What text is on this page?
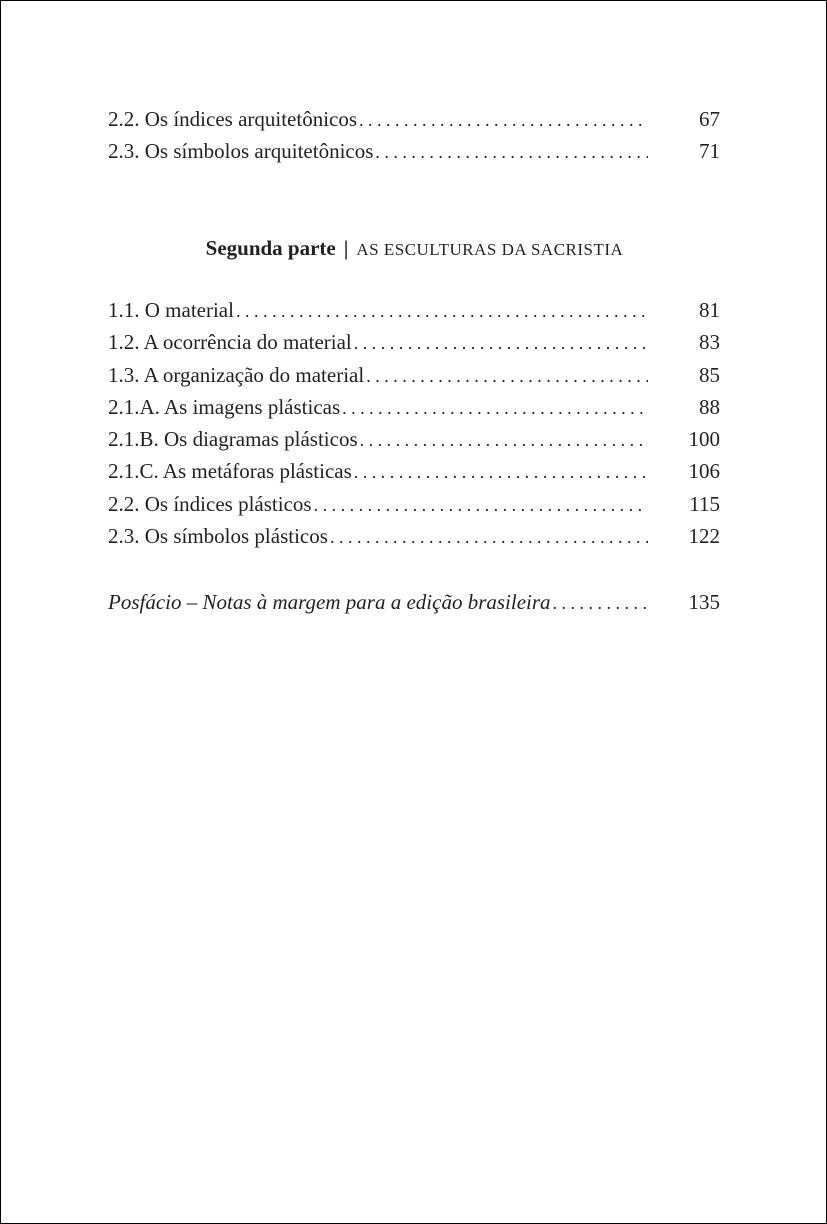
2.2. Os índices arquitetônicos . . .	67
2.3. Os símbolos arquitetônicos . . .	71
Segunda parte | AS ESCULTURAS DA SACRISTIA
1.1. O material . . .	81
1.2. A ocorrência do material . . .	83
1.3. A organização do material . . .	85
2.1.A. As imagens plásticas . . .	88
2.1.B. Os diagramas plásticos . . .	100
2.1.C. As metáforas plásticas . . .	106
2.2. Os índices plásticos . . .	115
2.3. Os símbolos plásticos . . .	122
Posfácio – Notas à margem para a edição brasileira . . .	135
